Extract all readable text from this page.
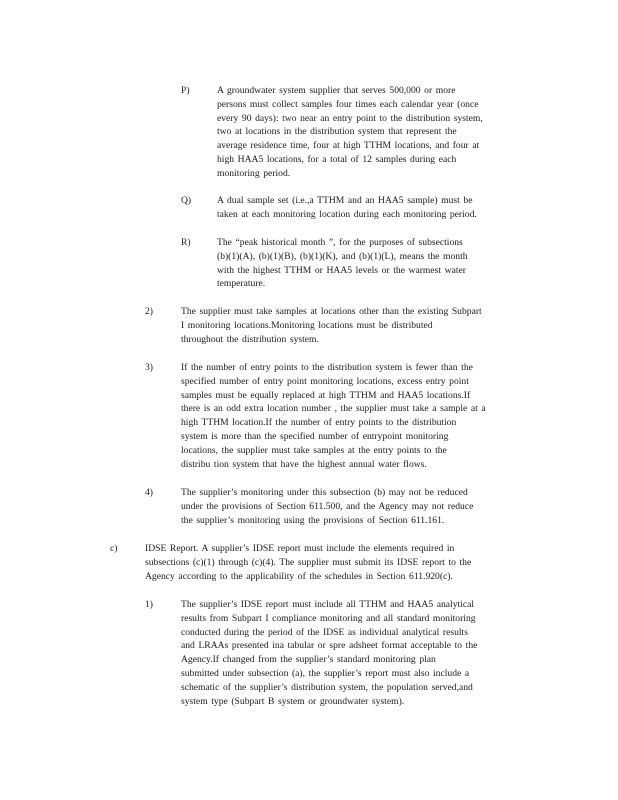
P)	A groundwater system supplier that serves 500,000 or more
persons must collect samples four times each calendar year (once
every 90 days): two near an entry point to the distribution system,
two at locations in the distribution system that represent the
average residence time, four at high TTHM locations, and four at
high HAA5 locations, for a total of 12 samples during each
monitoring period.
Q)	A dual sample set (i.e.,a TTHM and an HAA5 sample) must be
taken at each monitoring location during each monitoring period.
R)	The “peak historical month ”, for the purposes of subsections
(b)(1)(A), (b)(1)(B), (b)(1)(K), and (b)(1)(L), means the month
with the highest TTHM or HAA5 levels or the warmest water
temperature.
2)	The supplier must take samples at locations other than the existing Subpart
I monitoring locations.Monitoring locations must be distributed
throughout the distribution system.
3)	If the number of entry points to the distribution system is fewer than the
specified number of entry point monitoring locations, excess entry point
samples must be equally replaced at high TTHM and HAA5 locations.If
there is an odd extra location number , the supplier must take a sample at a
high TTHM location.If the number of entry points to the distribution
system is more than the specified number of entrypoint monitoring
locations, the supplier must take samples at the entry points to the
distribu tion system that have the highest annual water flows.
4)	The supplier’s monitoring under this subsection (b) may not be reduced
under the provisions of Section 611.500, and the Agency may not reduce
the supplier’s monitoring using the provisions of Section 611.161.
c)	IDSE Report. A supplier’s IDSE report must include the elements required in
subsections (c)(1) through (c)(4). The supplier must submit its IDSE report to the
Agency according to the applicability of the schedules in Section 611.920(c).
1)	The supplier’s IDSE report must include all TTHM and HAA5 analytical
results from Subpart I compliance monitoring and all standard monitoring
conducted during the period of the IDSE as individual analytical results
and LRAAs presented ina tabular or spre adsheet format acceptable to the
Agency.If changed from the supplier’s standard monitoring plan
submitted under subsection (a), the supplier’s report must also include a
schematic of the supplier’s distribution system, the population served,and
system type (Subpart B system or groundwater system).
